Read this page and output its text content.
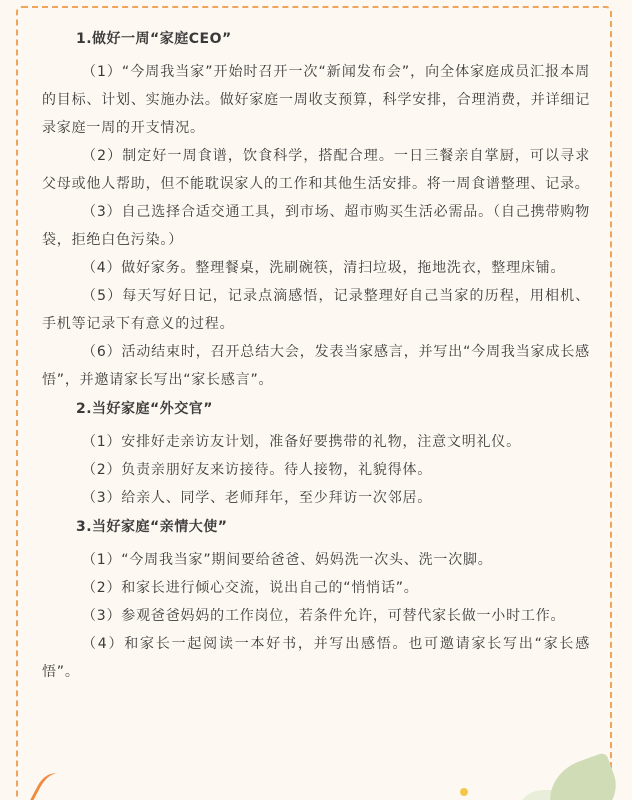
1.做好一周“家庭CEO”

（1）“今周我当家”开始时召开一次“新闻发布会”，向全体家庭成员汇报本周的目标、计划、实施办法。做好家庭一周收支预算，科学安排，合理消费，并详细记录家庭一周的开支情况。

（2）制定好一周食谱，饮食科学，搭配合理。一日三餐亲自掌厨，可以寻求父母或他人帮助，但不能耽误家人的工作和其他生活安排。将一周食谱整理、记录。

（3）自己选择合适交通工具，到市场、超市购买生活必需品。（自己携带购物袋，拒绝白色污染。）

（4）做好家务。整理餐桌，洗刷碗筷，清扫垃圾，拖地洗衣，整理床铺。

（5）每天写好日记，记录点滴感悟，记录整理好自己当家的历程，用相机、手机等记录下有意义的过程。

（6）活动结束时，召开总结大会，发表当家感言，并写出“今周我当家成长感悟”，并邀请家长写出“家长感言”。

2.当好家庭“外交官”

（1）安排好走亲访友计划，准备好要携带的礼物，注意文明礼仪。

（2）负责亲朋好友来访接待。待人接物，礼貌得体。

（3）给亲人、同学、老师拜年，至少拜访一次邻居。

3.当好家庭“亲情大使”

（1）“今周我当家”期间要给爸爸、妈妈洗一次头、洗一次脚。

（2）和家长进行倾心交流，说出自己的“悄悄话”。

（3）参观爸爸妈妈的工作岗位，若条件允许，可替代家长做一小时工作。

（4）和家长一起阅读一本好书，并写出感悟。也可邀请家长写出“家长感悟”。
